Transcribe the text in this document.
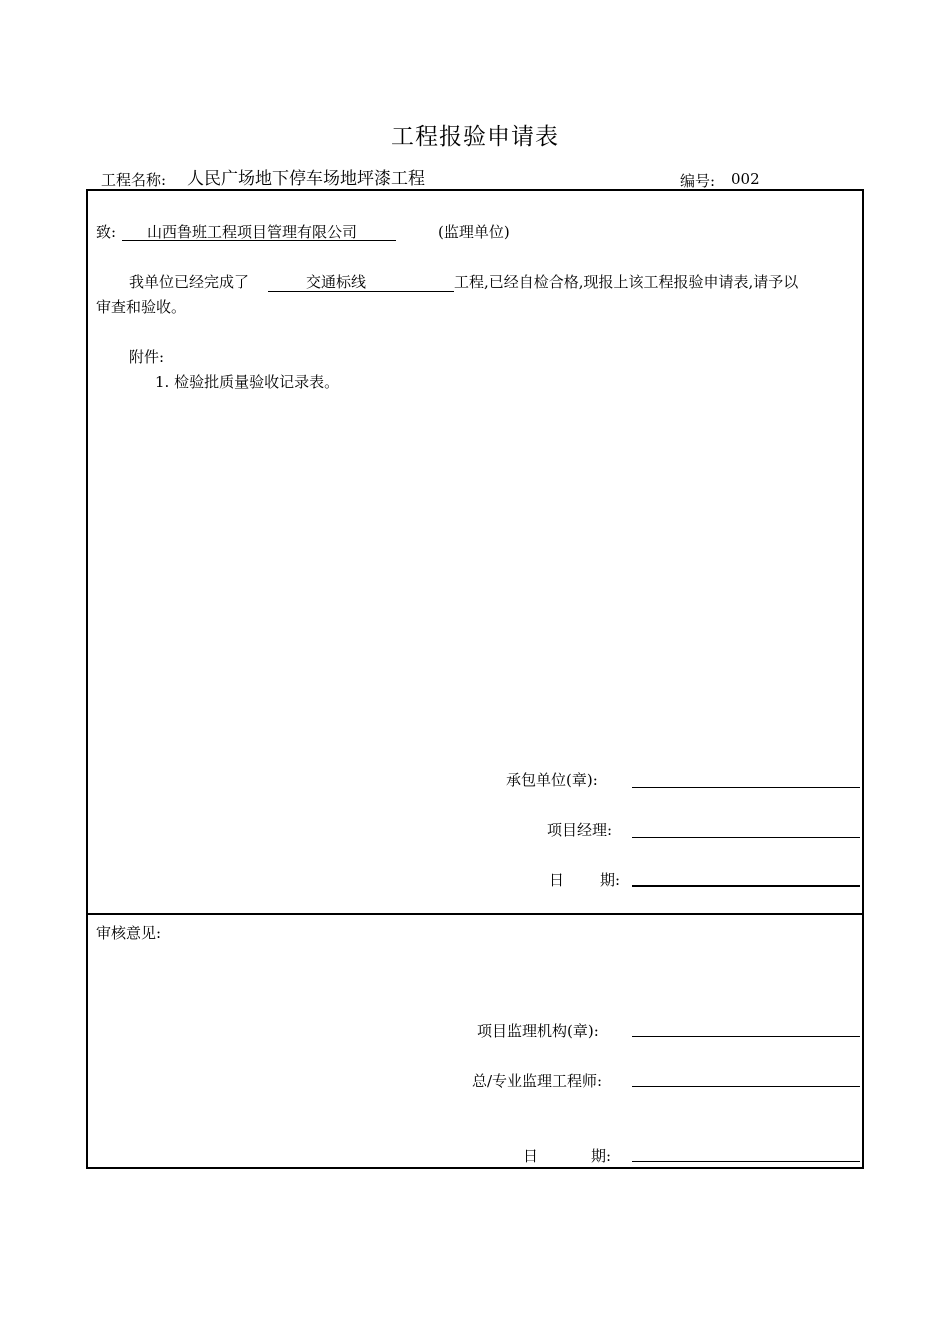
工程报验申请表
工程名称: 人民广场地下停车场地坪漆工程	编号: 002
致: 山西鲁班工程项目管理有限公司	(监理单位)
我单位已经完成了	交通标线	工程,已经自检合格,现报上该工程报验申请表,请予以
审查和验收。
附件:
1. 检验批质量验收记录表。
承包单位(章):
项目经理:
日 期:
审核意见:
项目监理机构(章):
总/专业监理工程师:
日	期:
